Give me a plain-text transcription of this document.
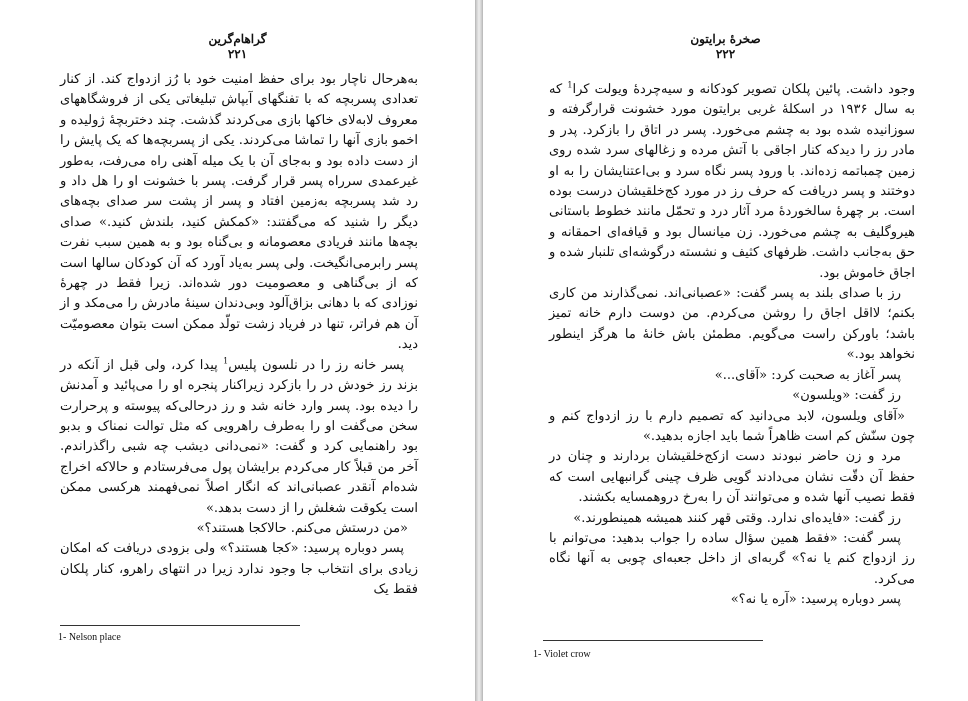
گراهام‌گرین
۲۲۱

به‌هرحال ناچار بود برای حفظ امنیت خود با رُز ازدواج کند. از کنار تعدادی پسربچه که با تفنگهای آبپاش تبلیغاتی یکی از فروشگاههای معروف لابه‌لای خاکها بازی می‌کردند گذشت. چند دختربچهٔ ژولیده و اخمو بازی آنها را تماشا می‌کردند. یکی از پسربچه‌ها که یک پایش را از دست داده بود و به‌جای آن با یک میله آهنی راه می‌رفت، به‌طور غیرعمدی سرراه پسر قرار گرفت. پسر با خشونت او را هل داد و رد شد پسربچه به‌زمین افتاد و پسر از پشت سر صدای بچه‌های دیگر را شنید که می‌گفتند: «کمکش کنید، بلندش کنید.» صدای بچه‌ها مانند فریادی معصومانه و بی‌گناه بود و به همین سبب نفرت پسر رابرمی‌انگیخت. ولی پسر به‌یاد آورد که آن کودکان سالها است که از بی‌گناهی و معصومیت دور شده‌اند. زیرا فقط در چهرهٔ نوزادی که با دهانی بزاق‌آلود وبی‌دندان سینهٔ مادرش را می‌مکد و از آن هم فراتر، تنها در فریاد زشت تولّد ممکن است بتوان معصومیّت دید.

پسر خانه رز را در نلسون پلیس$^1$ پیدا کرد، ولی قبل از آنکه در بزند رز خودش در را بازکرد زیراکنار پنجره او را می‌پائید و آمدنش را دیده بود. پسر وارد خانه شد و رز درحالی‌که پیوسته و پرحرارت سخن می‌گفت او را به‌طرف راهرویی که مثل توالت نمناک و بدبو بود راهنمایی کرد و گفت: «نمی‌دانی دیشب چه شبی راگذراندم. آخر من قبلاً کار می‌کردم برایشان پول می‌فرستادم و حالاکه اخراج شده‌ام آنقدر عصبانی‌اند که انگار اصلاً نمی‌فهمند هرکسی ممکن است یکوقت شغلش را از دست بدهد.»

«من درستش می‌کنم. حالاکجا هستند؟»

پسر دوباره پرسید: «کجا هستند؟» ولی بزودی دریافت که امکان زیادی برای انتخاب جا وجود ندارد زیرا در انتهای راهرو، کنار پلکان فقط یک

1- Nelson place
صخرهٔ برایتون
۲۲۲

وجود داشت. پائین پلکان تصویر کودکانه و سیه‌چردهٔ ویولت کرا$^1$ که به سال ۱۹۳۶ در اسکلهٔ غربی برایتون مورد خشونت قرارگرفته و سوزانیده شده بود به چشم می‌خورد. پسر در اتاق را بازکرد. پدر و مادر رز را دیدکه کنار اجاقی با آتش مرده و زغالهای سرد شده روی زمین چمباتمه زده‌اند. با ورود پسر نگاه سرد و بی‌اعتنایشان را به او دوختند و پسر دریافت که حرف رز در مورد کج‌خلقیشان درست بوده است. بر چهرهٔ سالخوردهٔ مرد آثار درد و تحمّل مانند خطوط باستانی هیروگلیف به چشم می‌خورد. زن میانسال بود و قیافه‌ای احمقانه و حق به‌جانب داشت. ظرفهای کثیف و نشسته درگوشه‌ای تلنبار شده و اجاق خاموش بود.

رز با صدای بلند به پسر گفت: «عصبانی‌اند. نمی‌گذارند من کاری بکنم؛ لااقل اجاق را روشن می‌کردم. من دوست دارم خانه تمیز باشد؛ باورکن راست می‌گویم. مطمئن باش خانهٔ ما هرگز اینطور نخواهد بود.»

پسر آغاز به صحبت کرد: «آقای...»

رز گفت: «ویلسون»

«آقای ویلسون، لابد می‌دانید که تصمیم دارم با رز ازدواج کنم و چون سنّش کم است ظاهراً شما باید اجازه بدهید.»

مرد و زن حاضر نبودند دست ازکج‌خلقیشان بردارند و چنان در حفظ آن دقّت نشان می‌دادند گویی ظرف چینی گرانبهایی است که فقط نصیب آنها شده و می‌توانند آن را به‌رخ دروهمسایه بکشند.

رز گفت: «فایده‌ای ندارد. وقتی قهر کنند همیشه همینطورند.»

پسر گفت: «فقط همین سؤال ساده را جواب بدهید: می‌توانم با رز ازدواج کنم یا نه؟» گربه‌ای از داخل جعبه‌ای چوبی به آنها نگاه می‌کرد.

پسر دوباره پرسید: «آره یا نه؟»

1- Violet crow
